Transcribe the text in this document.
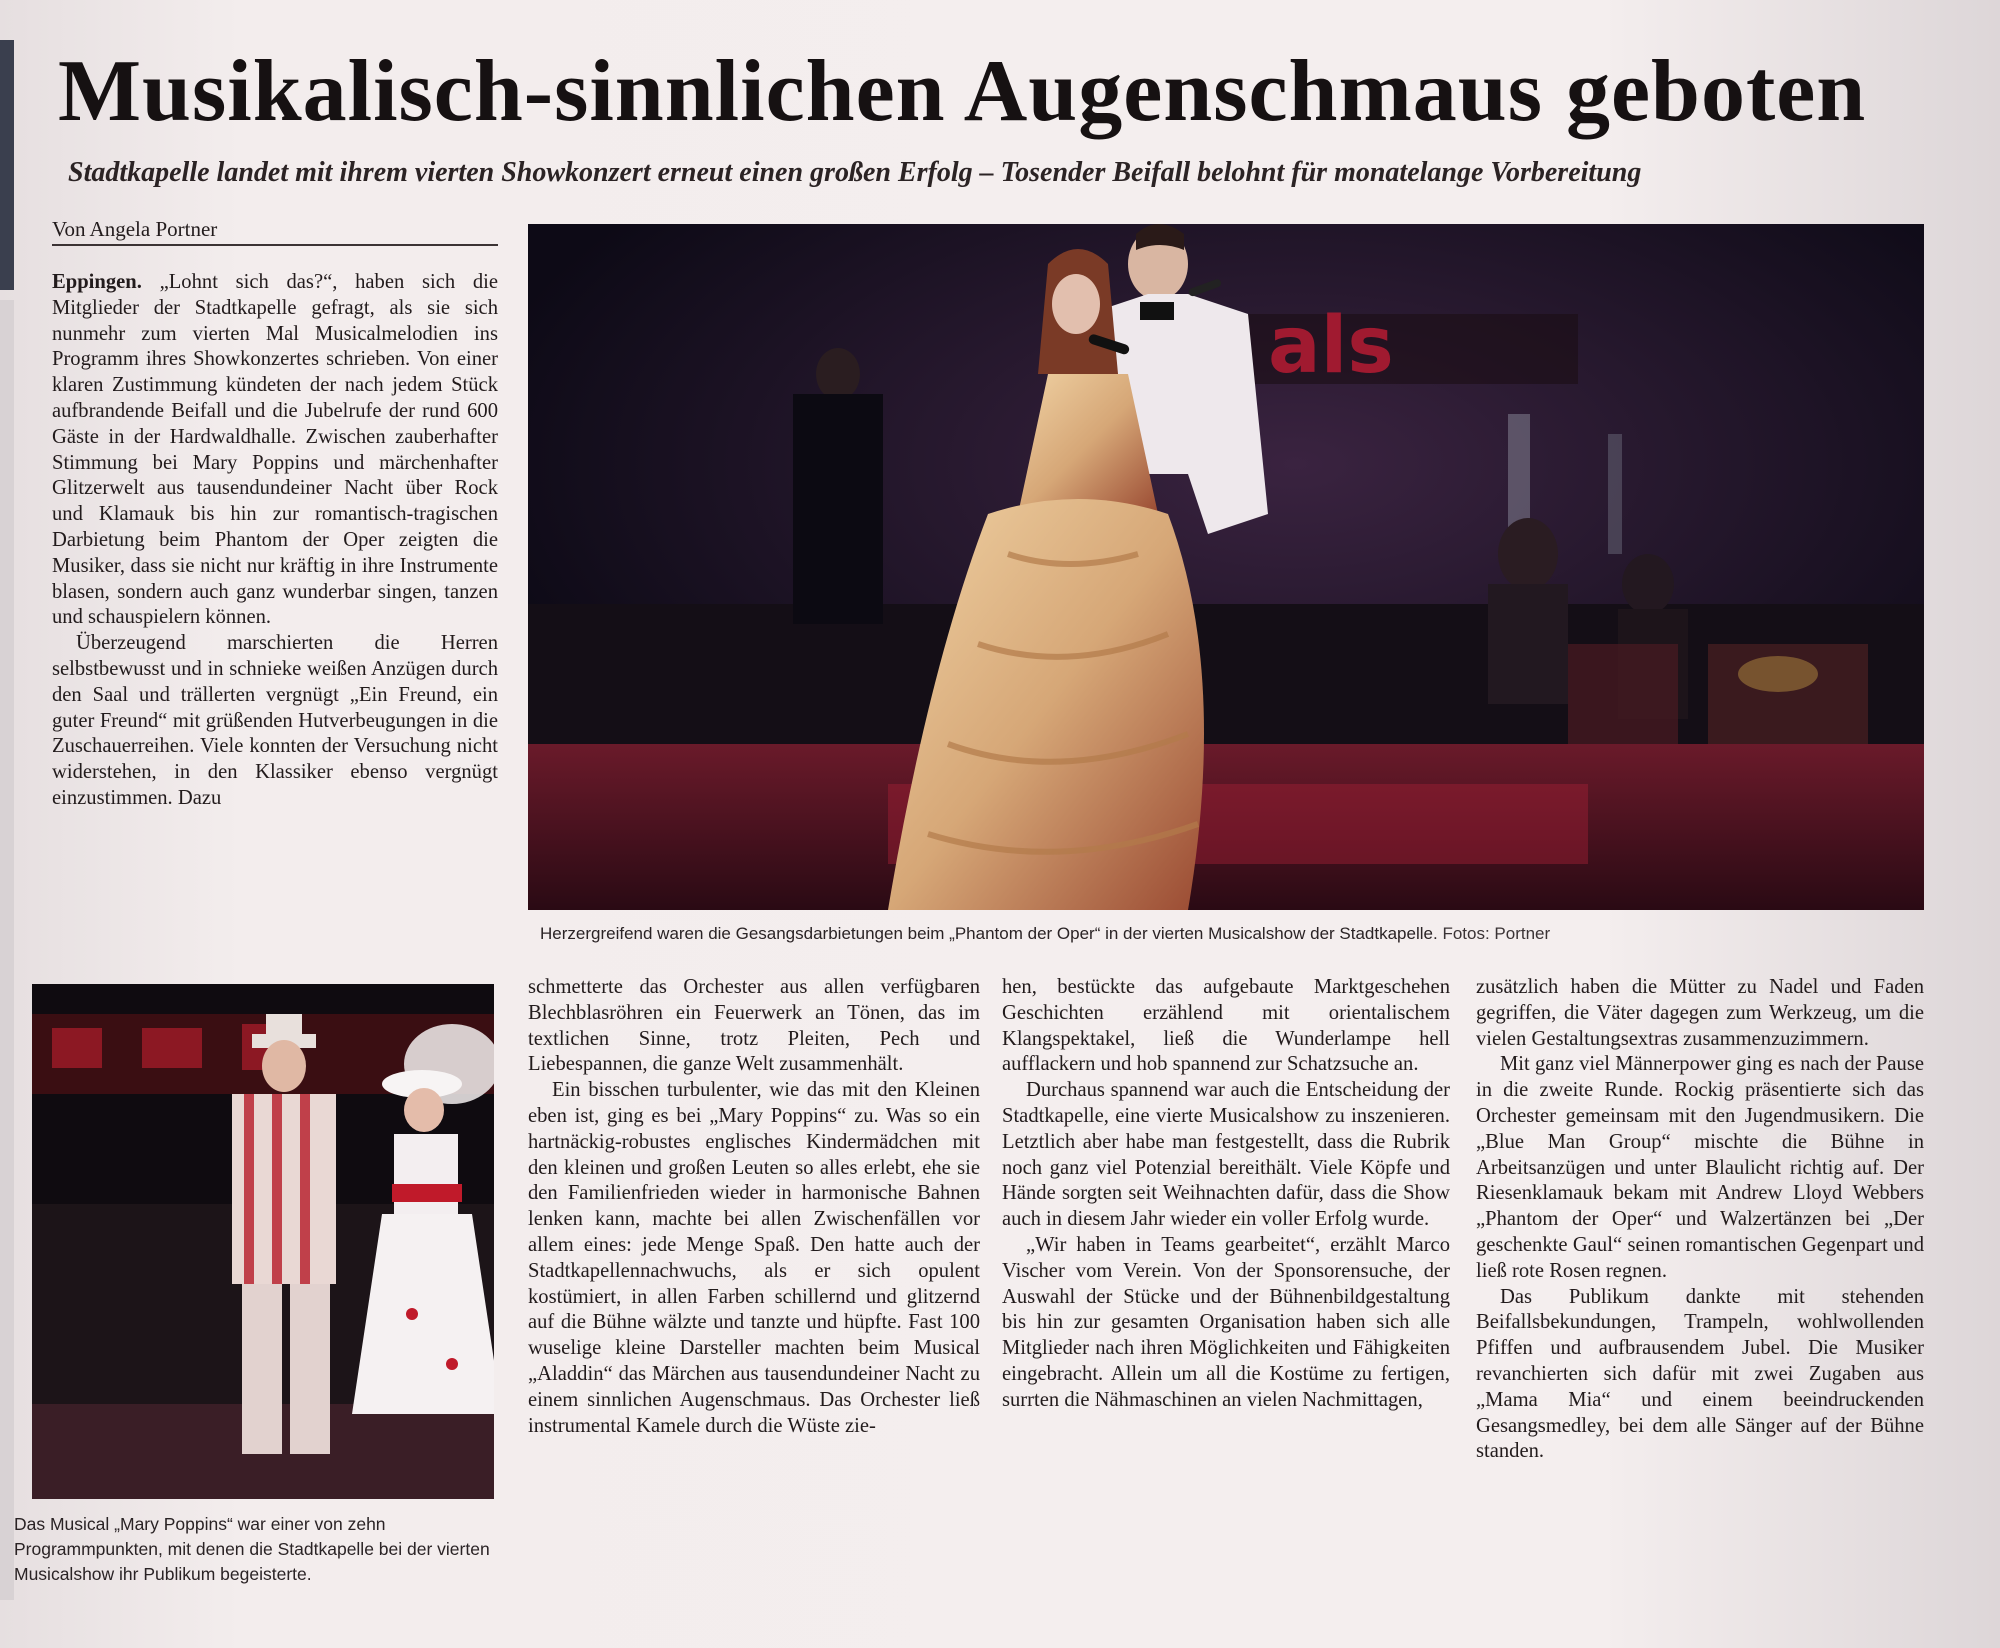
Musikalisch-sinnlichen Augenschmaus geboten
Stadtkapelle landet mit ihrem vierten Showkonzert erneut einen großen Erfolg – Tosender Beifall belohnt für monatelange Vorbereitung
Von Angela Portner

Eppingen. „Lohnt sich das?“, haben sich die Mitglieder der Stadtkapelle gefragt, als sie sich nunmehr zum vierten Mal Musicalmelodien ins Programm ihres Showkonzertes schrieben. Von einer klaren Zustimmung kündeten der nach jedem Stück aufbrandende Beifall und die Jubelrufe der rund 600 Gäste in der Hardwaldhalle. Zwischen zauberhafter Stimmung bei Mary Poppins und märchenhafter Glitzerwelt aus tausendundeiner Nacht über Rock und Klamauk bis hin zur romantisch-tragischen Darbietung beim Phantom der Oper zeigten die Musiker, dass sie nicht nur kräftig in ihre Instrumente blasen, sondern auch ganz wunderbar singen, tanzen und schauspielern können.

Überzeugend marschierten die Herren selbstbewusst und in schnieke weißen Anzügen durch den Saal und trällerten vergnügt „Ein Freund, ein guter Freund“ mit grüßenden Hutverbeugungen in die Zuschauerreihen. Viele konnten der Versuchung nicht widerstehen, in den Klassiker ebenso vergnügt einzustimmen. Dazu

als
Herzergreifend waren die Gesangsdarbietungen beim „Phantom der Oper“ in der vierten Musicalshow der Stadtkapelle. Fotos: Portner
Das Musical „Mary Poppins“ war einer von zehn Programmpunkten, mit denen die Stadtkapelle bei der vierten Musicalshow ihr Publikum begeisterte.

schmetterte das Orchester aus allen verfügbaren Blechblasröhren ein Feuerwerk an Tönen, das im textlichen Sinne, trotz Pleiten, Pech und Liebespannen, die ganze Welt zusammenhält.

Ein bisschen turbulenter, wie das mit den Kleinen eben ist, ging es bei „Mary Poppins“ zu. Was so ein hartnäckig-robustes englisches Kindermädchen mit den kleinen und großen Leuten so alles erlebt, ehe sie den Familienfrieden wieder in harmonische Bahnen lenken kann, machte bei allen Zwischenfällen vor allem eines: jede Menge Spaß. Den hatte auch der Stadtkapellennachwuchs, als er sich opulent kostümiert, in allen Farben schillernd und glitzernd auf die Bühne wälzte und tanzte und hüpfte. Fast 100 wuselige kleine Darsteller machten beim Musical „Aladdin“ das Märchen aus tausendundeiner Nacht zu einem sinnlichen Augenschmaus. Das Orchester ließ instrumental Kamele durch die Wüste zie-

hen, bestückte das aufgebaute Marktgeschehen Geschichten erzählend mit orientalischem Klangspektakel, ließ die Wunderlampe hell aufflackern und hob spannend zur Schatzsuche an.

Durchaus spannend war auch die Entscheidung der Stadtkapelle, eine vierte Musicalshow zu inszenieren. Letztlich aber habe man festgestellt, dass die Rubrik noch ganz viel Potenzial bereithält. Viele Köpfe und Hände sorgten seit Weihnachten dafür, dass die Show auch in diesem Jahr wieder ein voller Erfolg wurde.

„Wir haben in Teams gearbeitet“, erzählt Marco Vischer vom Verein. Von der Sponsorensuche, der Auswahl der Stücke und der Bühnenbildgestaltung bis hin zur gesamten Organisation haben sich alle Mitglieder nach ihren Möglichkeiten und Fähigkeiten eingebracht. Allein um all die Kostüme zu fertigen, surrten die Nähmaschinen an vielen Nachmittagen,

zusätzlich haben die Mütter zu Nadel und Faden gegriffen, die Väter dagegen zum Werkzeug, um die vielen Gestaltungsextras zusammenzuzimmern.

Mit ganz viel Männerpower ging es nach der Pause in die zweite Runde. Rockig präsentierte sich das Orchester gemeinsam mit den Jugendmusikern. Die „Blue Man Group“ mischte die Bühne in Arbeitsanzügen und unter Blaulicht richtig auf. Der Riesenklamauk bekam mit Andrew Lloyd Webbers „Phantom der Oper“ und Walzertänzen bei „Der geschenkte Gaul“ seinen romantischen Gegenpart und ließ rote Rosen regnen.

Das Publikum dankte mit stehenden Beifallsbekundungen, Trampeln, wohlwollenden Pfiffen und aufbrausendem Jubel. Die Musiker revanchierten sich dafür mit zwei Zugaben aus „Mama Mia“ und einem beeindruckenden Gesangsmedley, bei dem alle Sänger auf der Bühne standen.
